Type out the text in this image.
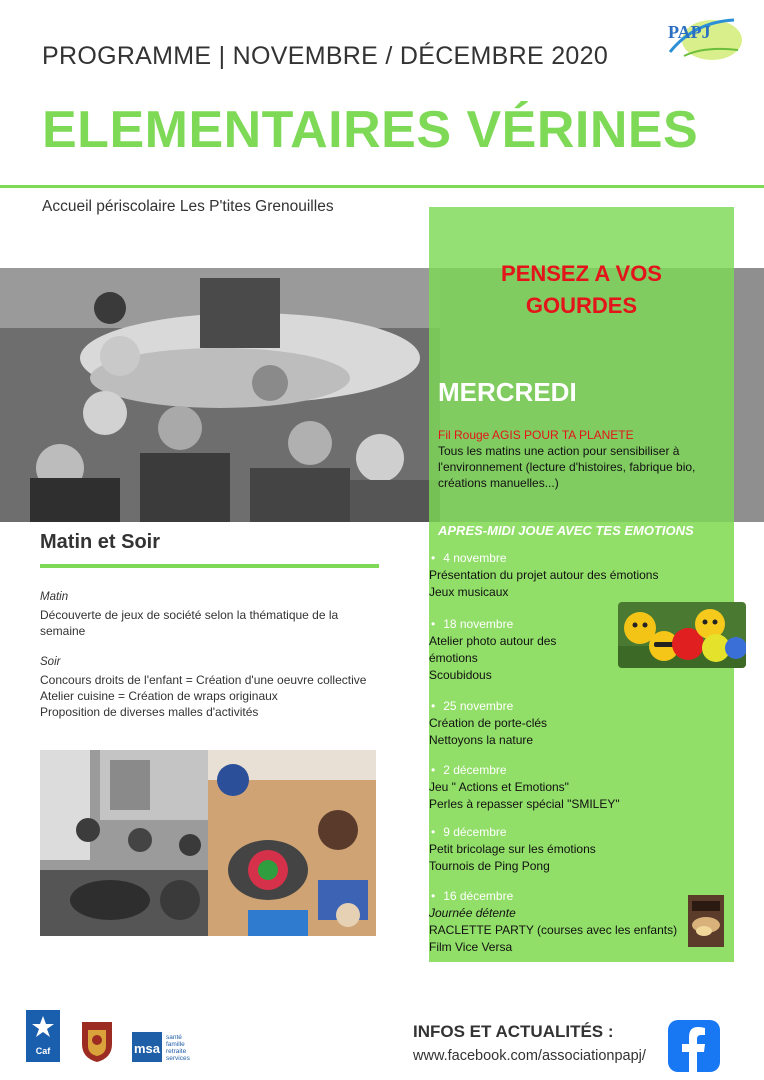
PROGRAMME | NOVEMBRE / DÉCEMBRE 2020
ELEMENTAIRES VÉRINES
Accueil périscolaire Les P'tites Grenouilles
PAPJ
PENSEZ A VOS
GOURDES
MERCREDI
Fil Rouge AGIS POUR TA PLANETE
Tous les matins une action pour sensibiliser à l'environnement (lecture d'histoires, fabrique bio, créations manuelles...)
APRES-MIDI JOUE AVEC TES EMOTIONS
• 4 novembre
Présentation du projet autour des émotions
Jeux musicaux
• 18 novembre
Atelier photo autour des
émotions
Scoubidous
• 25 novembre
Création de porte-clés
Nettoyons la nature
• 2 décembre
Jeu " Actions et Emotions"
Perles à repasser spécial "SMILEY"
• 9 décembre
Petit bricolage sur les émotions
Tournois de Ping Pong
• 16 décembre
Journée détente
RACLETTE PARTY (courses avec les enfants)
Film Vice Versa
Matin et Soir
Matin
Découverte de jeux de société selon la thématique de la semaine
Soir
Concours droits de l'enfant = Création d'une oeuvre collective
Atelier cuisine = Création de wraps originaux
Proposition de diverses malles d'activités
Caf	msa
santé
famille
retraite
services
INFOS ET ACTUALITÉS :
www.facebook.com/associationpapj/
